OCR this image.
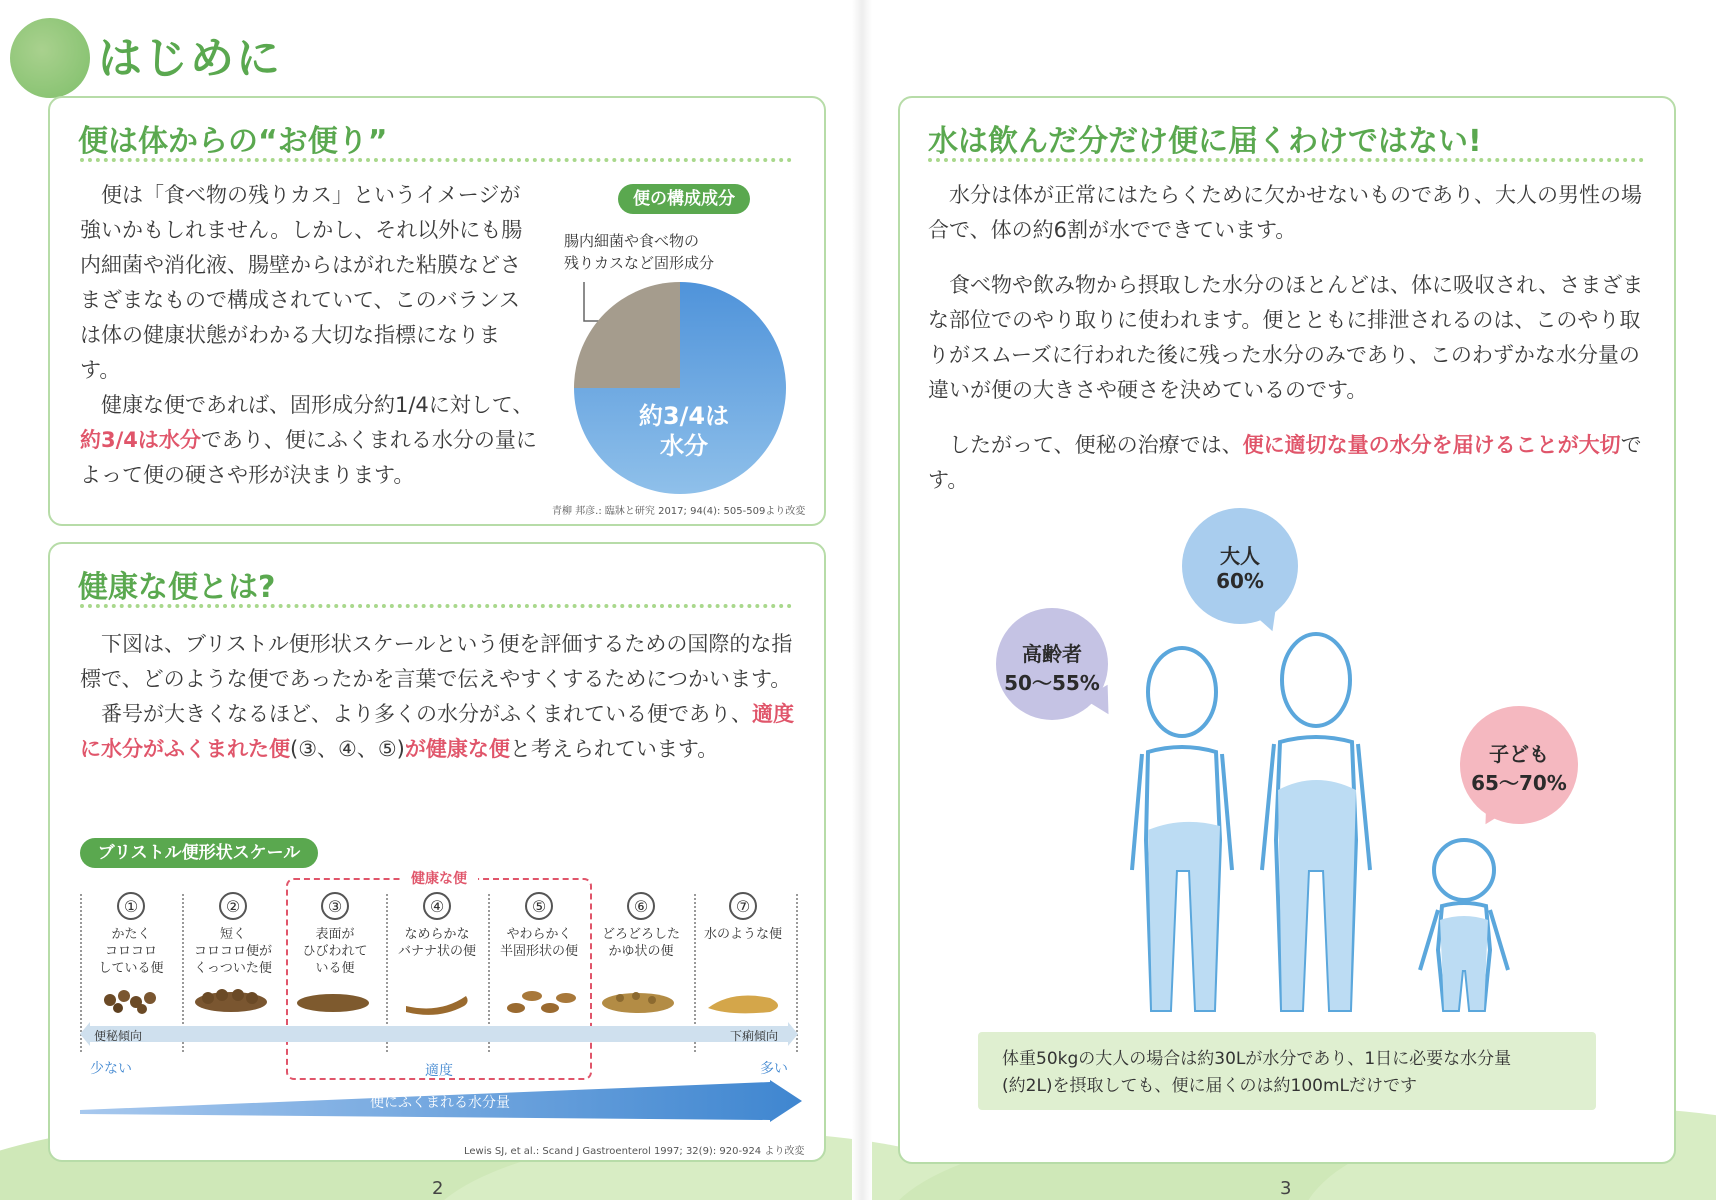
はじめに
便は体からの“お便り”

便は「食べ物の残りカス」というイメージが強いかもしれません。しかし、それ以外にも腸内細菌や消化液、腸壁からはがれた粘膜などさまざまなもので構成されていて、このバランスは体の健康状態がわかる大切な指標になります。

健康な便であれば、固形成分約1/4に対して、約3/4は水分であり、便にふくまれる水分の量によって便の硬さや形が決まります。

便の構成成分
腸内細菌や食べ物の
残りカスなど固形成分
約3/4は
水分
青柳 邦彦.: 臨牀と研究 2017; 94(4): 505-509より改変
健康な便とは?

下図は、ブリストル便形状スケールという便を評価するための国際的な指標で、どのような便であったかを言葉で伝えやすくするためにつかいます。

番号が大きくなるほど、より多くの水分がふくまれている便であり、適度に水分がふくまれた便(③、④、⑤)が健康な便と考えられています。

ブリストル便形状スケール
健康な便
①
かたく
コロコロ
している便
②
短く
コロコロ便が
くっついた便
③
表面が
ひびわれて
いる便
④
なめらかな
バナナ状の便
⑤
やわらかく
半固形状の便
⑥
どろどろした
かゆ状の便
⑦
水のような便
便秘傾向	下痢傾向
少ない	適度	多い
便にふくまれる水分量
Lewis SJ, et al.: Scand J Gastroenterol 1997; 32(9): 920-924 より改変
2
水は飲んだ分だけ便に届くわけではない!

水分は体が正常にはたらくために欠かせないものであり、大人の男性の場合で、体の約6割が水でできています。

食べ物や飲み物から摂取した水分のほとんどは、体に吸収され、さまざまな部位でのやり取りに使われます。便とともに排泄されるのは、このやり取りがスムーズに行われた後に残った水分のみであり、このわずかな水分量の違いが便の大きさや硬さを決めているのです。

したがって、便秘の治療では、便に適切な量の水分を届けることが大切です。

高齢者
50〜55%
大人
60%
子ども
65〜70%
体重50kgの大人の場合は約30Lが水分であり、1日に必要な水分量
(約2L)を摂取しても、便に届くのは約100mLだけです
3
